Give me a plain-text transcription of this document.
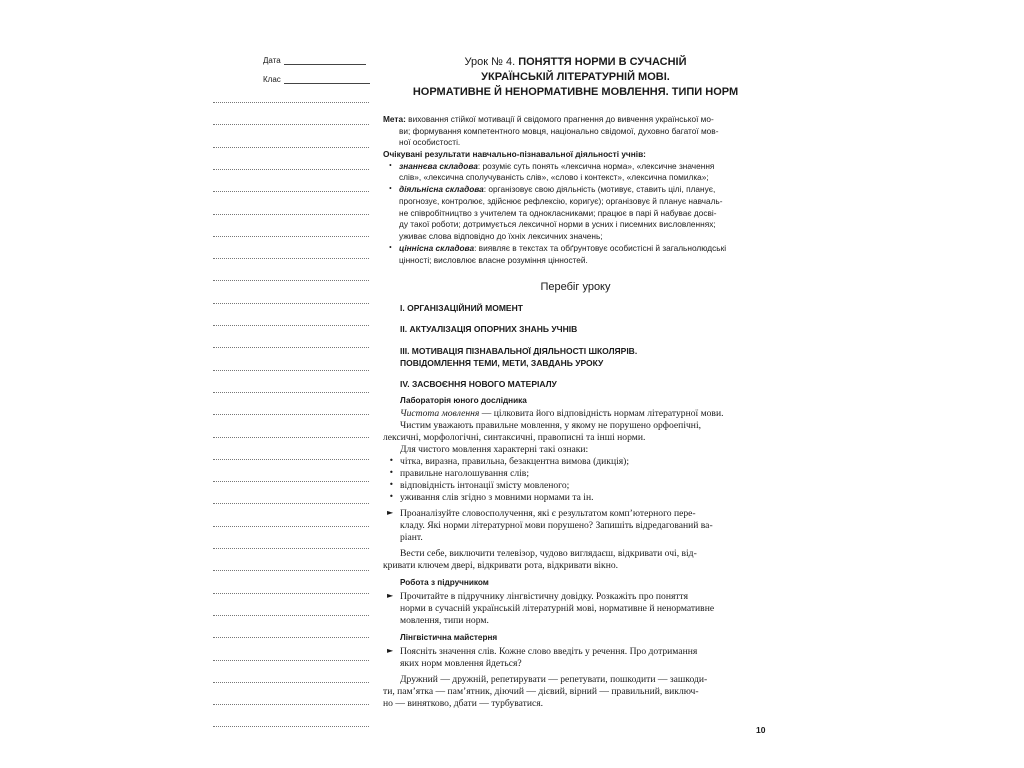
Дата
Клас
Урок № 4. ПОНЯТТЯ НОРМИ В СУЧАСНІЙ
УКРАЇНСЬКІЙ ЛІТЕРАТУРНІЙ МОВІ.
НОРМАТИВНЕ Й НЕНОРМАТИВНЕ МОВЛЕННЯ. ТИПИ НОРМ
Мета: виховання стійкої мотивації й свідомого прагнення до вивчення української мо-
ви; формування компетентного мовця, національно свідомої, духовно багатої мов-
ної особистості.
Очікувані результати навчально-пізнавальної діяльності учнів:
• знаннєва складова: розуміє суть понять «лексична норма», «лексичне значення
слів», «лексична сполучуваність слів», «слово і контекст», «лексична помилка»;
• діяльнісна складова: організовує свою діяльність (мотивує, ставить цілі, планує,
прогнозує, контролює, здійснює рефлексію, коригує); організовує й планує навчаль-
не співробітництво з учителем та однокласниками; працює в парі й набуває досві-
ду такої роботи; дотримується лексичної норми в усних і писемних висловленнях;
уживає слова відповідно до їхніх лексичних значень;
• ціннісна складова: виявляє в текстах та обґрунтовує особистісні й загальнолюдські
цінності; висловлює власне розуміння цінностей.
Перебіг уроку
I. ОРГАНІЗАЦІЙНИЙ МОМЕНТ
II. АКТУАЛІЗАЦІЯ ОПОРНИХ ЗНАНЬ УЧНІВ
III. МОТИВАЦІЯ ПІЗНАВАЛЬНОЇ ДІЯЛЬНОСТІ ШКОЛЯРІВ.
ПОВІДОМЛЕННЯ ТЕМИ, МЕТИ, ЗАВДАНЬ УРОКУ
IV. ЗАСВОЄННЯ НОВОГО МАТЕРІАЛУ
Лабораторія юного дослідника
Чистота мовлення — цілковита його відповідність нормам літературної мови.
Чистим уважають правильне мовлення, у якому не порушено орфоепічні,
лексичні, морфологічні, синтаксичні, правописні та інші норми.
Для чистого мовлення характерні такі ознаки:
• чітка, виразна, правильна, безакцентна вимова (дикція);
• правильне наголошування слів;
• відповідність інтонації змісту мовленого;
• уживання слів згідно з мовними нормами та ін.
► Проаналізуйте словосполучення, які є результатом комп’ютерного пере-
кладу. Які норми літературної мови порушено? Запишіть відредагований ва-
ріант.
Вести себе, виключити телевізор, чудово виглядаєш, відкривати очі, від-
кривати ключем двері, відкривати рота, відкривати вікно.
Робота з підручником
► Прочитайте в підручнику лінгвістичну довідку. Розкажіть про поняття
норми в сучасній українській літературній мові, нормативне й ненормативне
мовлення, типи норм.
Лінгвістична майстерня
► Поясніть значення слів. Кожне слово введіть у речення. Про дотримання
яких норм мовлення йдеться?
Дружний — дружній, репетирувати — репетувати, пошкодити — зашкоди-
ти, пам’ятка — пам’ятник, діючий — дієвий, вірний — правильний, виключ-
но — винятково, дбати — турбуватися.
10
